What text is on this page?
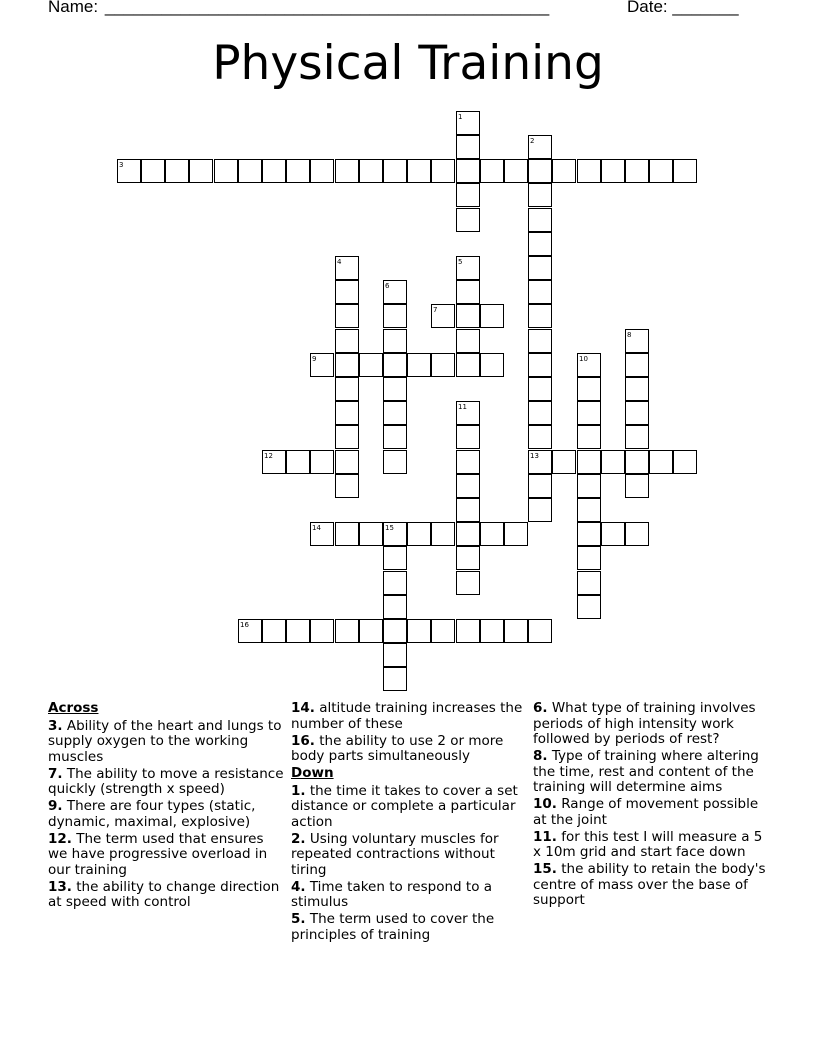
Name: _______________________________________________	Date: _______
Physical Training
1
2
13
3
4	5
6
7
8
9	10
11
12
14	15
16
Across
3. Ability of the heart and lungs to supply oxygen to the working muscles
7. The ability to move a resistance quickly (strength x speed)
9. There are four types (static, dynamic, maximal, explosive)
12. The term used that ensures we have progressive overload in our training
13. the ability to change direction at speed with control
14. altitude training increases the number of these
16. the ability to use 2 or more body parts simultaneously
Down
1. the time it takes to cover a set distance or complete a particular action
2. Using voluntary muscles for repeated contractions without tiring
4. Time taken to respond to a stimulus
5. The term used to cover the principles of training
6. What type of training involves periods of high intensity work followed by periods of rest?
8. Type of training where altering the time, rest and content of the training will determine aims
10. Range of movement possible at the joint
11. for this test I will measure a 5 x 10m grid and start face down
15. the ability to retain the body's centre of mass over the base of support
